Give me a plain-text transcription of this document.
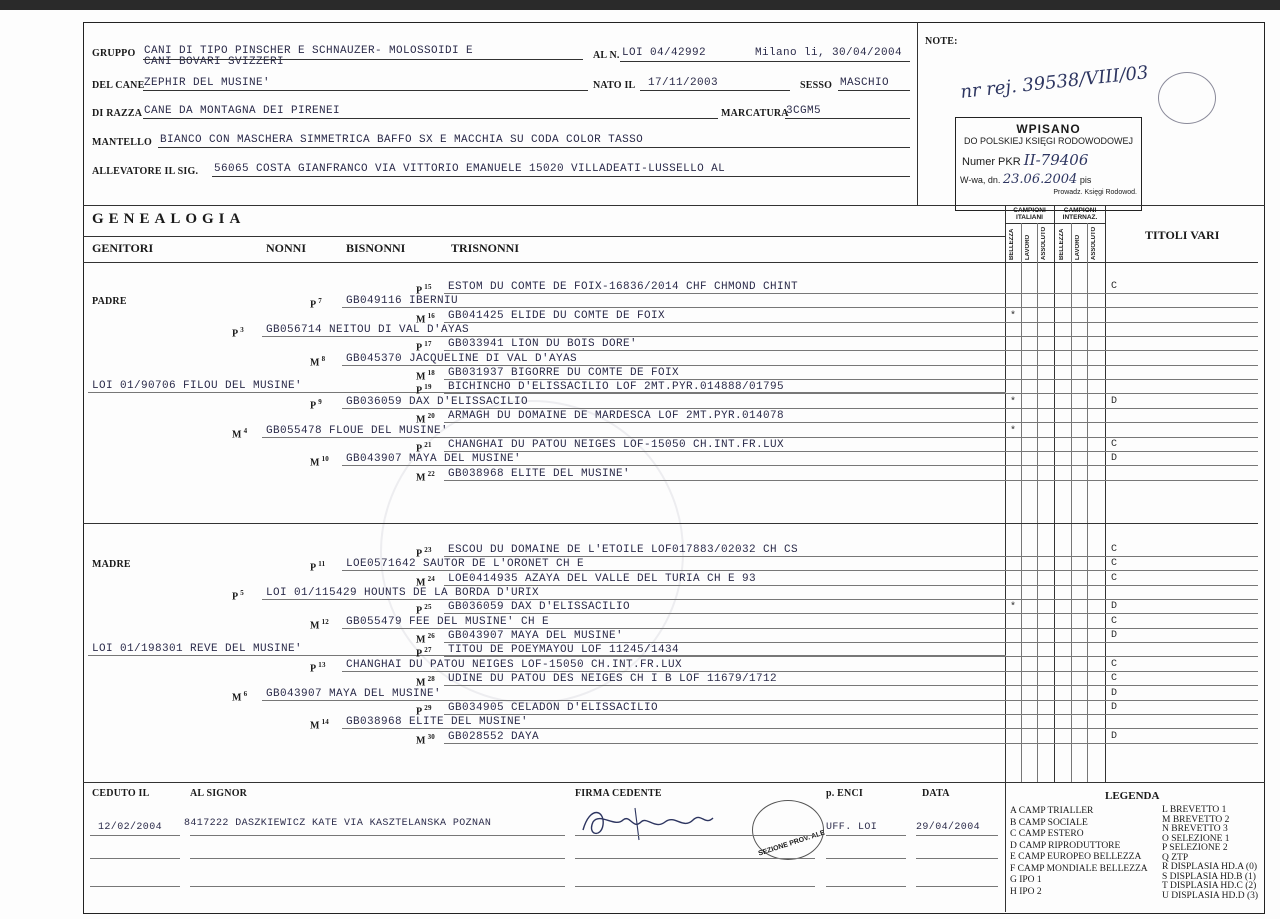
GRUPPO CANI DI TIPO PINSCHER E SCHNAUZER- MOLOSSOIDI E
CANI BOVARI SVIZZERI
AL N. LOI 04/42992	Milano li, 30/04/2004
DEL CANE ZEPHIR DEL MUSINE'	NATO IL 17/11/2003	SESSO MASCHIO
DI RAZZA CANE DA MONTAGNA DEI PIRENEI	MARCATURA
3CGM5
MANTELLO BIANCO CON MASCHERA SIMMETRICA BAFFO SX E MACCHIA SU CODA COLOR TASSO
ALLEVATORE IL SIG. 56065 COSTA GIANFRANCO VIA VITTORIO EMANUELE 15020 VILLADEATI-LUSSELLO AL
NOTE:
nr rej. 39538/VIII/03
WPISANO
DO POLSKIEJ KSIĘGI RODOWODOWEJ
Numer PKR II-79406
W-wa, dn. 23.06.2004 pis
Prowadz. Księgi Rodowod.
GENEALOGIA
GENITORI	NONNI	BISNONNI	TRISNONNI
TITOLI VARI
CAMPIONI ITALIANI
CAMPIONI INTERNAZ.
BELLEZZA LAVORO ASSOLUTO BELLEZZA LAVORO ASSOLUTO
PADRE
MADRE
LOI 01/90706 FILOU DEL MUSINE'
LOI 01/198301 REVE DEL MUSINE'
P $^{15}$ ESTOM DU COMTE DE FOIX-16836/2014 CHF CHMOND CHINT	C
P $^7$ GB049116 IBERNIU
M $^{16}$ GB041425 ELIDE DU COMTE DE FOIX	*
P $^3$ GB056714 NEITOU DI VAL D'AYAS
P $^{17}$ GB033941 LION DU BOIS DORE'
M $^8$ GB045370 JACQUELINE DI VAL D'AYAS
M $^{18}$ GB031937 BIGORRE DU COMTE DE FOIX
P $^{19}$ BICHINCHO D'ELISSACILIO LOF 2MT.PYR.014888/01795
P $^9$ GB036059 DAX D'ELISSACILIO	*	D
M $^{20}$ ARMAGH DU DOMAINE DE MARDESCA LOF 2MT.PYR.014078
M $^4$ GB055478 FLOUE DEL MUSINE'	*
P $^{21}$ CHANGHAI DU PATOU NEIGES LOF-15050 CH.INT.FR.LUX	C
M $^{10}$ GB043907 MAYA DEL MUSINE'	D
M $^{22}$ GB038968 ELITE DEL MUSINE'
P $^{23}$ ESCOU DU DOMAINE DE L'ETOILE LOF017883/02032 CH CS	C
P $^{11}$ LOE0571642 SAUTOR DE L'ORONET CH E	C
M $^{24}$ LOE0414935 AZAYA DEL VALLE DEL TURIA CH E 93	C
P $^5$ LOI 01/115429 HOUNTS DE LA BORDA D'URIX
P $^{25}$ GB036059 DAX D'ELISSACILIO	*	D
M $^{12}$ GB055479 FEE DEL MUSINE' CH E	C
M $^{26}$ GB043907 MAYA DEL MUSINE'	D
P $^{27}$ TITOU DE POEYMAYOU LOF 11245/1434
P $^{13}$ CHANGHAI DU PATOU NEIGES LOF-15050 CH.INT.FR.LUX	C
M $^{28}$ UDINE DU PATOU DES NEIGES CH I B LOF 11679/1712	C
M $^6$ GB043907 MAYA DEL MUSINE'	D
P $^{29}$ GB034905 CELADON D'ELISSACILIO	D
M $^{14}$ GB038968 ELITE DEL MUSINE'
M $^{30}$ GB028552 DAYA	D
CEDUTO IL	AL SIGNOR	FIRMA CEDENTE	p. ENCI	DATA
12/02/2004 8417222 DASZKIEWICZ KATE VIA KASZTELANSKA POZNAN	UFF. LOI	29/04/2004
SEZIONE PROV. ALE
LEGENDA
A CAMP TRIALLER
B CAMP SOCIALE
C CAMP ESTERO
D CAMP RIPRODUTTORE
E CAMP EUROPEO BELLEZZA
F CAMP MONDIALE BELLEZZA
G IPO 1
H IPO 2
L BREVETTO 1
M BREVETTO 2
N BREVETTO 3
O SELEZIONE 1
P SELEZIONE 2
Q ZTP
R DISPLASIA HD.A (0)
S DISPLASIA HD.B (1)
T DISPLASIA HD.C (2)
U DISPLASIA HD.D (3)
